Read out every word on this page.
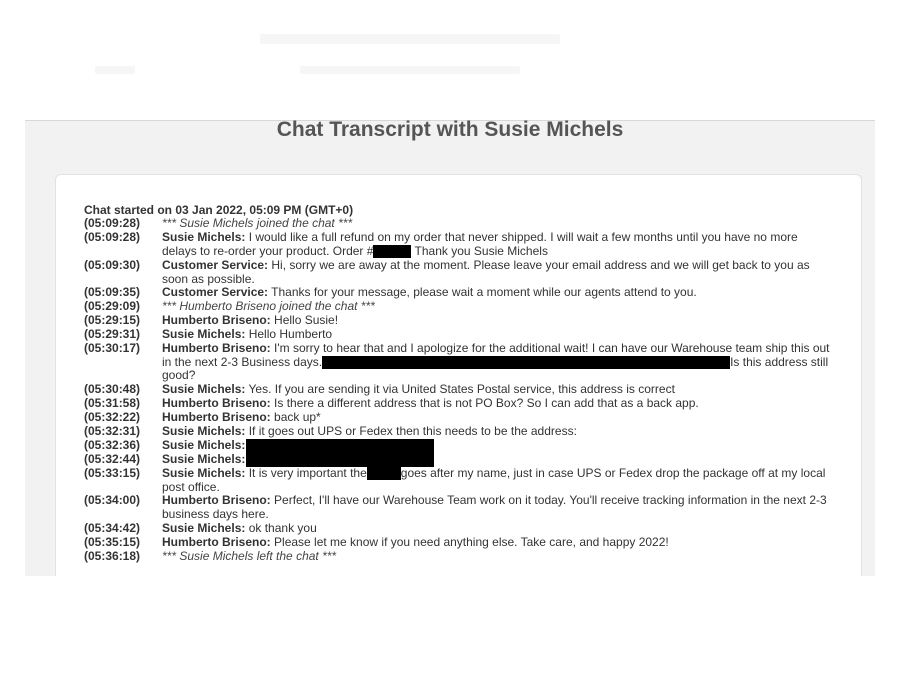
Chat Transcript with Susie Michels
Chat started on 03 Jan 2022, 05:09 PM (GMT+0)
(05:09:28) *** Susie Michels joined the chat ***
(05:09:28) Susie Michels: I would like a full refund on my order that never shipped. I will wait a few months until you have no more delays to re-order your product. Order #	Thank you Susie Michels
(05:09:30) Customer Service: Hi, sorry we are away at the moment. Please leave your email address and we will get back to you as soon as possible.
(05:09:35) Customer Service: Thanks for your message, please wait a moment while our agents attend to you.
(05:29:09) *** Humberto Briseno joined the chat ***
(05:29:15) Humberto Briseno: Hello Susie!
(05:29:31) Susie Michels: Hello Humberto
(05:30:17) Humberto Briseno: I'm sorry to hear that and I apologize for the additional wait! I can have our Warehouse team ship this out in the next 2-3 Business days.	Is this address still good?
(05:30:48) Susie Michels: Yes. If you are sending it via United States Postal service, this address is correct
(05:31:58) Humberto Briseno: Is there a different address that is not PO Box? So I can add that as a back app.
(05:32:22) Humberto Briseno: back up*
(05:32:31) Susie Michels: If it goes out UPS or Fedex then this needs to be the address:
(05:32:36) Susie Michels:
(05:32:44) Susie Michels:
(05:33:15) Susie Michels: It is very important the	goes after my name, just in case UPS or Fedex drop the package off at my local post office.
(05:34:00) Humberto Briseno: Perfect, I'll have our Warehouse Team work on it today. You'll receive tracking information in the next 2-3 business days here.
(05:34:42) Susie Michels: ok thank you
(05:35:15) Humberto Briseno: Please let me know if you need anything else. Take care, and happy 2022!
(05:36:18) *** Susie Michels left the chat ***
